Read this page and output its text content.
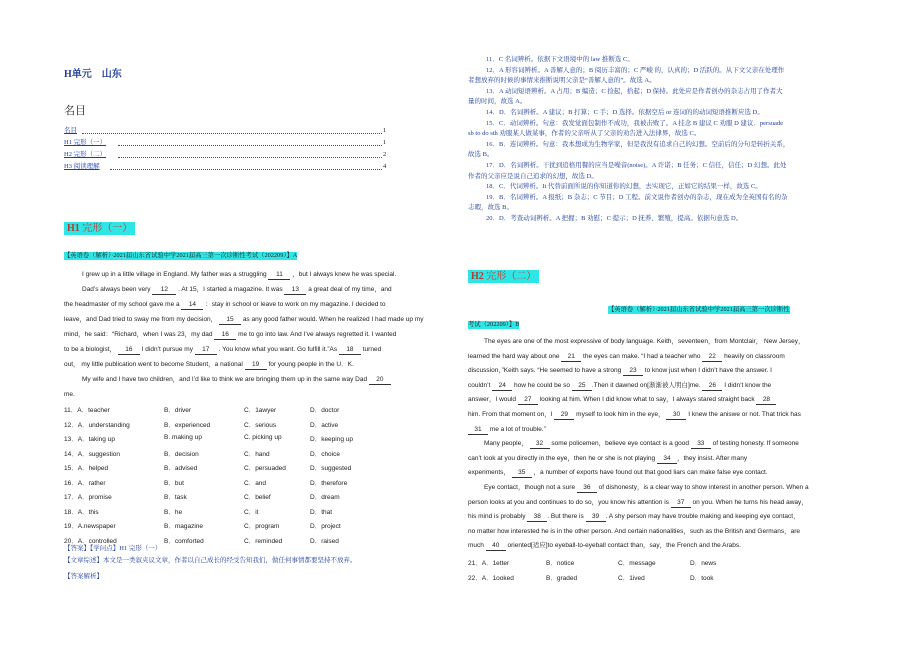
H单元　山东
名目
名目	1
H1 完形（一）	1
H2 完形（二）	2
H3 阅读理解	4
H1 完形（一）
【英语卷（解析）·2021届山东省试验中学2021届高三第一次诊断性考试（202209）】A
I grew up in a little village in England. My father was a struggling 11 ，but I always knew he was special.
Dad’s always been very 12 . At 15，I started a magazine. It was 13 a great deal of my time，and
the headmaster of my school gave me a 14 ：stay in school or leave to work on my magazine. I decided to
leave，and Dad tried to sway me from my decision， 15 as any good father would. When he realized I had made up my
mind，he said：“Richard，when I was 23，my dad 16 me to go into law. And I’ve always regretted it. I wanted
to be a biologist， 16 I didn’t pursue my 17 . You know what you want. Go fulfill it.”As 18 turned
out， my little publication went to become Student，a national 19 for young people in the U．K.
My wife and I have two children，and I’d like to think we are bringing them up in the same way Dad 20
me.
11．A．teacher	B．driver	C．1awyer	D．doctor
12．A．understanding	B．experienced	C．serious	D．active
13．A．taking up	B. making up	C. picking up	D．keeping up
14．A．suggestion	B．decision	C．hand	D．choice
15．A．helped	B．advised	C．persuaded	D．suggested
16．A．rather	B．but	C．and	D．therefore
17．A．promise	B．task	C．belief	D．dream
18．A．this	B．he	C．it	D．that
19．A.newspaper	B．magazine	C．program	D．project
20．A．controlled	B．comforted	C．reminded	D．raised
【答案】【学问点】H1 完形（一）
【文章综述】本文是一类叙夹议文章，作者以自己成长的经受告知我们，做任何事情都要坚持不放弃。
【答案解析】
11．C 名词辨析。依据下文语境中的 law 推断选 C。
12．A 形容词辨析。A 善解人意的；B 阅历丰富的；C 严峻 的，认真的；D 活跃的。从下文父亲在处理作
者想放弃的时候的事情来推断说明父亲是“善解人意的”。故选 A。
13．A 动词短语辨析。A 占用；B 编造；C 捡起，拾起；D 保持。此处应是作者创办的杂志占用了作者大
量的时间，故选 A。
14．D．名词辨析。A 建议；B 打算；C 手；D 选择。依据空后 or 连词的的动词短语推断应选 D。
15．C．动词辨析。句意：我发觉面包制作不成功，我被击败了。A 挂念 B 建议 C 劝服 D 建议．persuade
sb to do sth 劝服某人做某事，作者的父亲听从了父亲的劝告进入法律界，故选 C。
16．B．连词辨析。句意：我本想成为生物学家，但是我没有追求自己的幻想。空前后的分句是转折关系，
故选 B。
17．D．名词辨析。干扰到追格用餐的应当是噪音(noise)。A 许诺；B 任务；C 信任，信任；D 幻想。此处
作者的父亲应是说自己追求的幻想，故选 D。
18．C．代词辨析。It 代替前面所说的你知道你的幻想，去实现它，正如它的结果一样，故选 C。
19．B．名词辨析。A 报纸；B 杂志；C 节目；D 工程。前文说作者创办的杂志，现在成为全英国有名的杂
志暇，故选 B。
20．D．考查动词辨析。A 把握；B 劝慰；C 提示；D 抚养、繁殖，提高。依据句意选 D。
H2 完形（二）
【英语卷（解析）·2021届山东省试验中学2021届高三第一次诊断性
考试（202209）】B
The eyes are one of the most expressive of body language. Keith，seventeen，from Montclair， New Jersey，
learned the hard way about one 21 the eyes can make. “I had a teacher who 22 heavily on classroom
discussion，”Keith says. “He seemed to have a strong 23 to know just when I didn’t have the answer. I
couldn’t 24 how he could be so 25 .Then it dawned on[渐渐被人明白]me. 26 I didn’t know the
answer，I would 27 looking at him. When I did know what to say，I always stared straight back 28
him. From that moment on，I 29 myself to look him in the eye， 30 I knew the aniswe or not. That trick has
31 me a lot of trouble.”
Many people， 32 some policemen，believe eye contact is a good 33 of testing honesty. If someone
can’t look at you directly in the eye，then he or she is not playing 34 ，they insist. After many
experiments， 35 ，a number of exports have found out that good liars can make false eye contact.
Eye contact，though not a sure 36 of dishonesty，is a clear way to show interest in another person. When a
person looks at you and continues to do so，you know his attention is 37 on you. When he turns his head away，
his mind is probably 38 . But there is 39 . A shy person may have trouble making and keeping eye contact，
no matter how interested he is in the other person. And certain nationalities，such as the British and Germans，are
much 40 oriented[适应]to eyeball-to-eyeball contact than，say，the French and the Arabs.
21．A．1etter	B．notice	C．message	D．news
22．A．1ooked	B．graded	C．1ived	D．took
